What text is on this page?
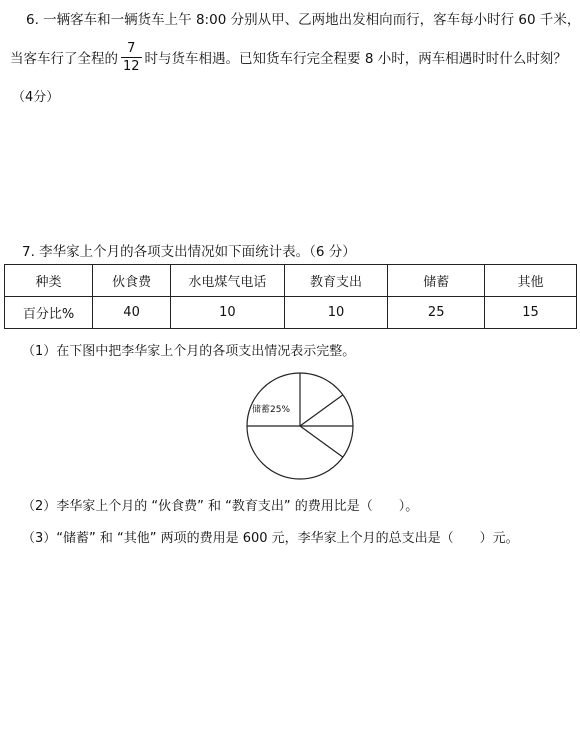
6. 一辆客车和一辆货车上午 8:00 分别从甲、乙两地出发相向而行，客车每小时行 60 千米，
当客车行了全程的 $\frac{7}{12}$ 时与货车相遇。已知货车行完全程要 8 小时，两车相遇时时什么时刻？
（4分）
7. 李华家上个月的各项支出情况如下面统计表。（6 分）
种类	伙食费	水电煤气电话	教育支出	储蓄	其他
百分比%	40	10	10	25	15
（1）在下图中把李华家上个月的各项支出情况表示完整。
储蓄25%
（2）李华家上个月的 “伙食费” 和 “教育支出” 的费用比是（　　）。
（3）“储蓄” 和 “其他” 两项的费用是 600 元，李华家上个月的总支出是（　　）元。
